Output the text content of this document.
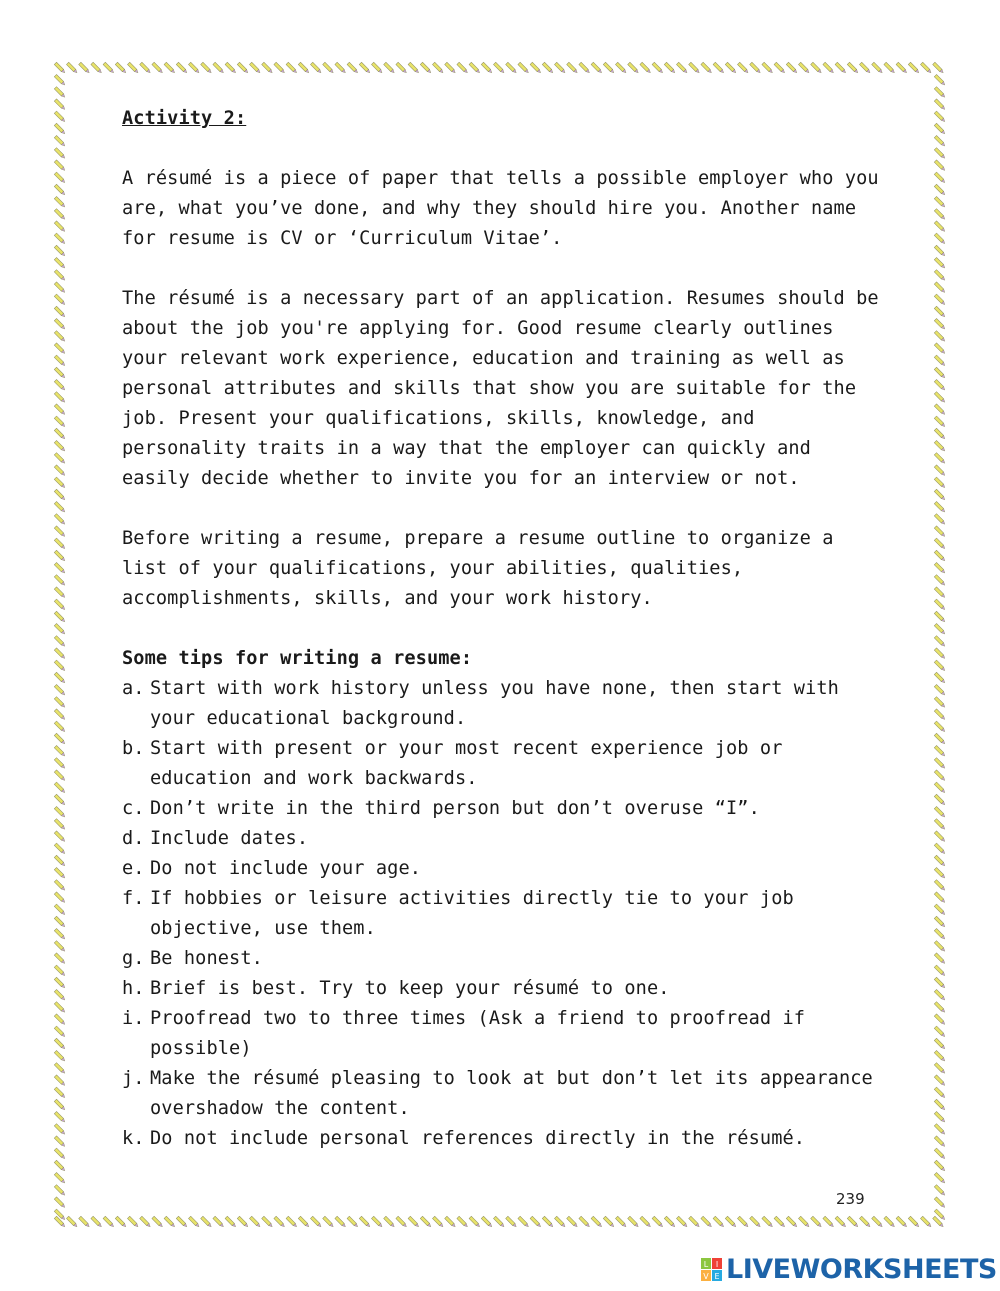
Activity 2:

A résumé is a piece of paper that tells a possible employer who you are, what you’ve done, and why they should hire you. Another name for resume is CV or ‘Curriculum Vitae’.

The résumé is a necessary part of an application. Resumes should be about the job you're applying for. Good resume clearly outlines your relevant work experience, education and training as well as personal attributes and skills that show you are suitable for the job. Present your qualifications, skills, knowledge, and personality traits in a way that the employer can quickly and easily decide whether to invite you for an interview or not.

Before writing a resume, prepare a resume outline to organize a list of your qualifications, your abilities, qualities, accomplishments, skills, and your work history.

Some tips for writing a resume:

a. Start with work history unless you have none, then start with your educational background.
b. Start with present or your most recent experience job or education and work backwards.
c. Don’t write in the third person but don’t overuse “I”.
d. Include dates.
e. Do not include your age.
f. If hobbies or leisure activities directly tie to your job objective, use them.
g. Be honest.
h. Brief is best. Try to keep your résumé to one.
i. Proofread two to three times (Ask a friend to proofread if possible)
j. Make the résumé pleasing to look at but don’t let its appearance overshadow the content.
k. Do not include personal references directly in the résumé.
239
L I
V E LIVEWORKSHEETS
